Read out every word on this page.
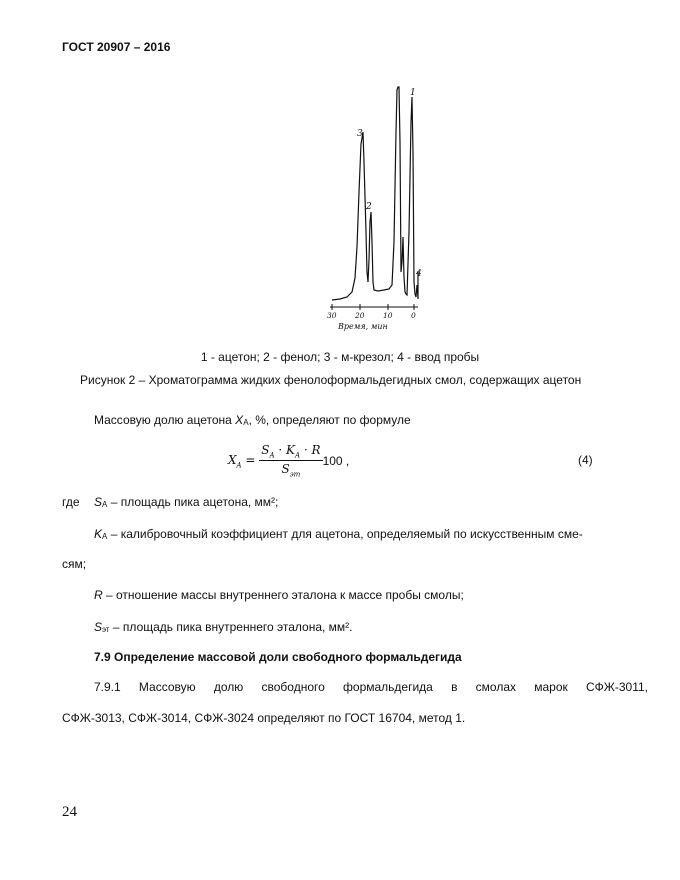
ГОСТ 20907 – 2016
1
2
3
4
30 20 10 0
Время, мин
1 - ацетон; 2 - фенол; 3 - м-крезол; 4 - ввод пробы
Рисунок 2 – Хроматограмма жидких фенолоформальдегидных смол, содержащих ацетон
Массовую долю ацетона XА, %, определяют по формуле
$X_A = \frac{S_A \cdot K_A \cdot R}{S_{эт}} 100$ ,	(4)
где SА – площадь пика ацетона, мм²;
KА – калибровочный коэффициент для ацетона, определяемый по искусственным сме-
сям;
R – отношение массы внутреннего эталона к массе пробы смолы;
Sэт – площадь пика внутреннего эталона, мм².
7.9 Определение массовой доли свободного формальдегида
7.9.1 Массовую долю свободного формальдегида в смолах марок СФЖ-3011,
СФЖ-3013, СФЖ-3014, СФЖ-3024 определяют по ГОСТ 16704, метод 1.
24
